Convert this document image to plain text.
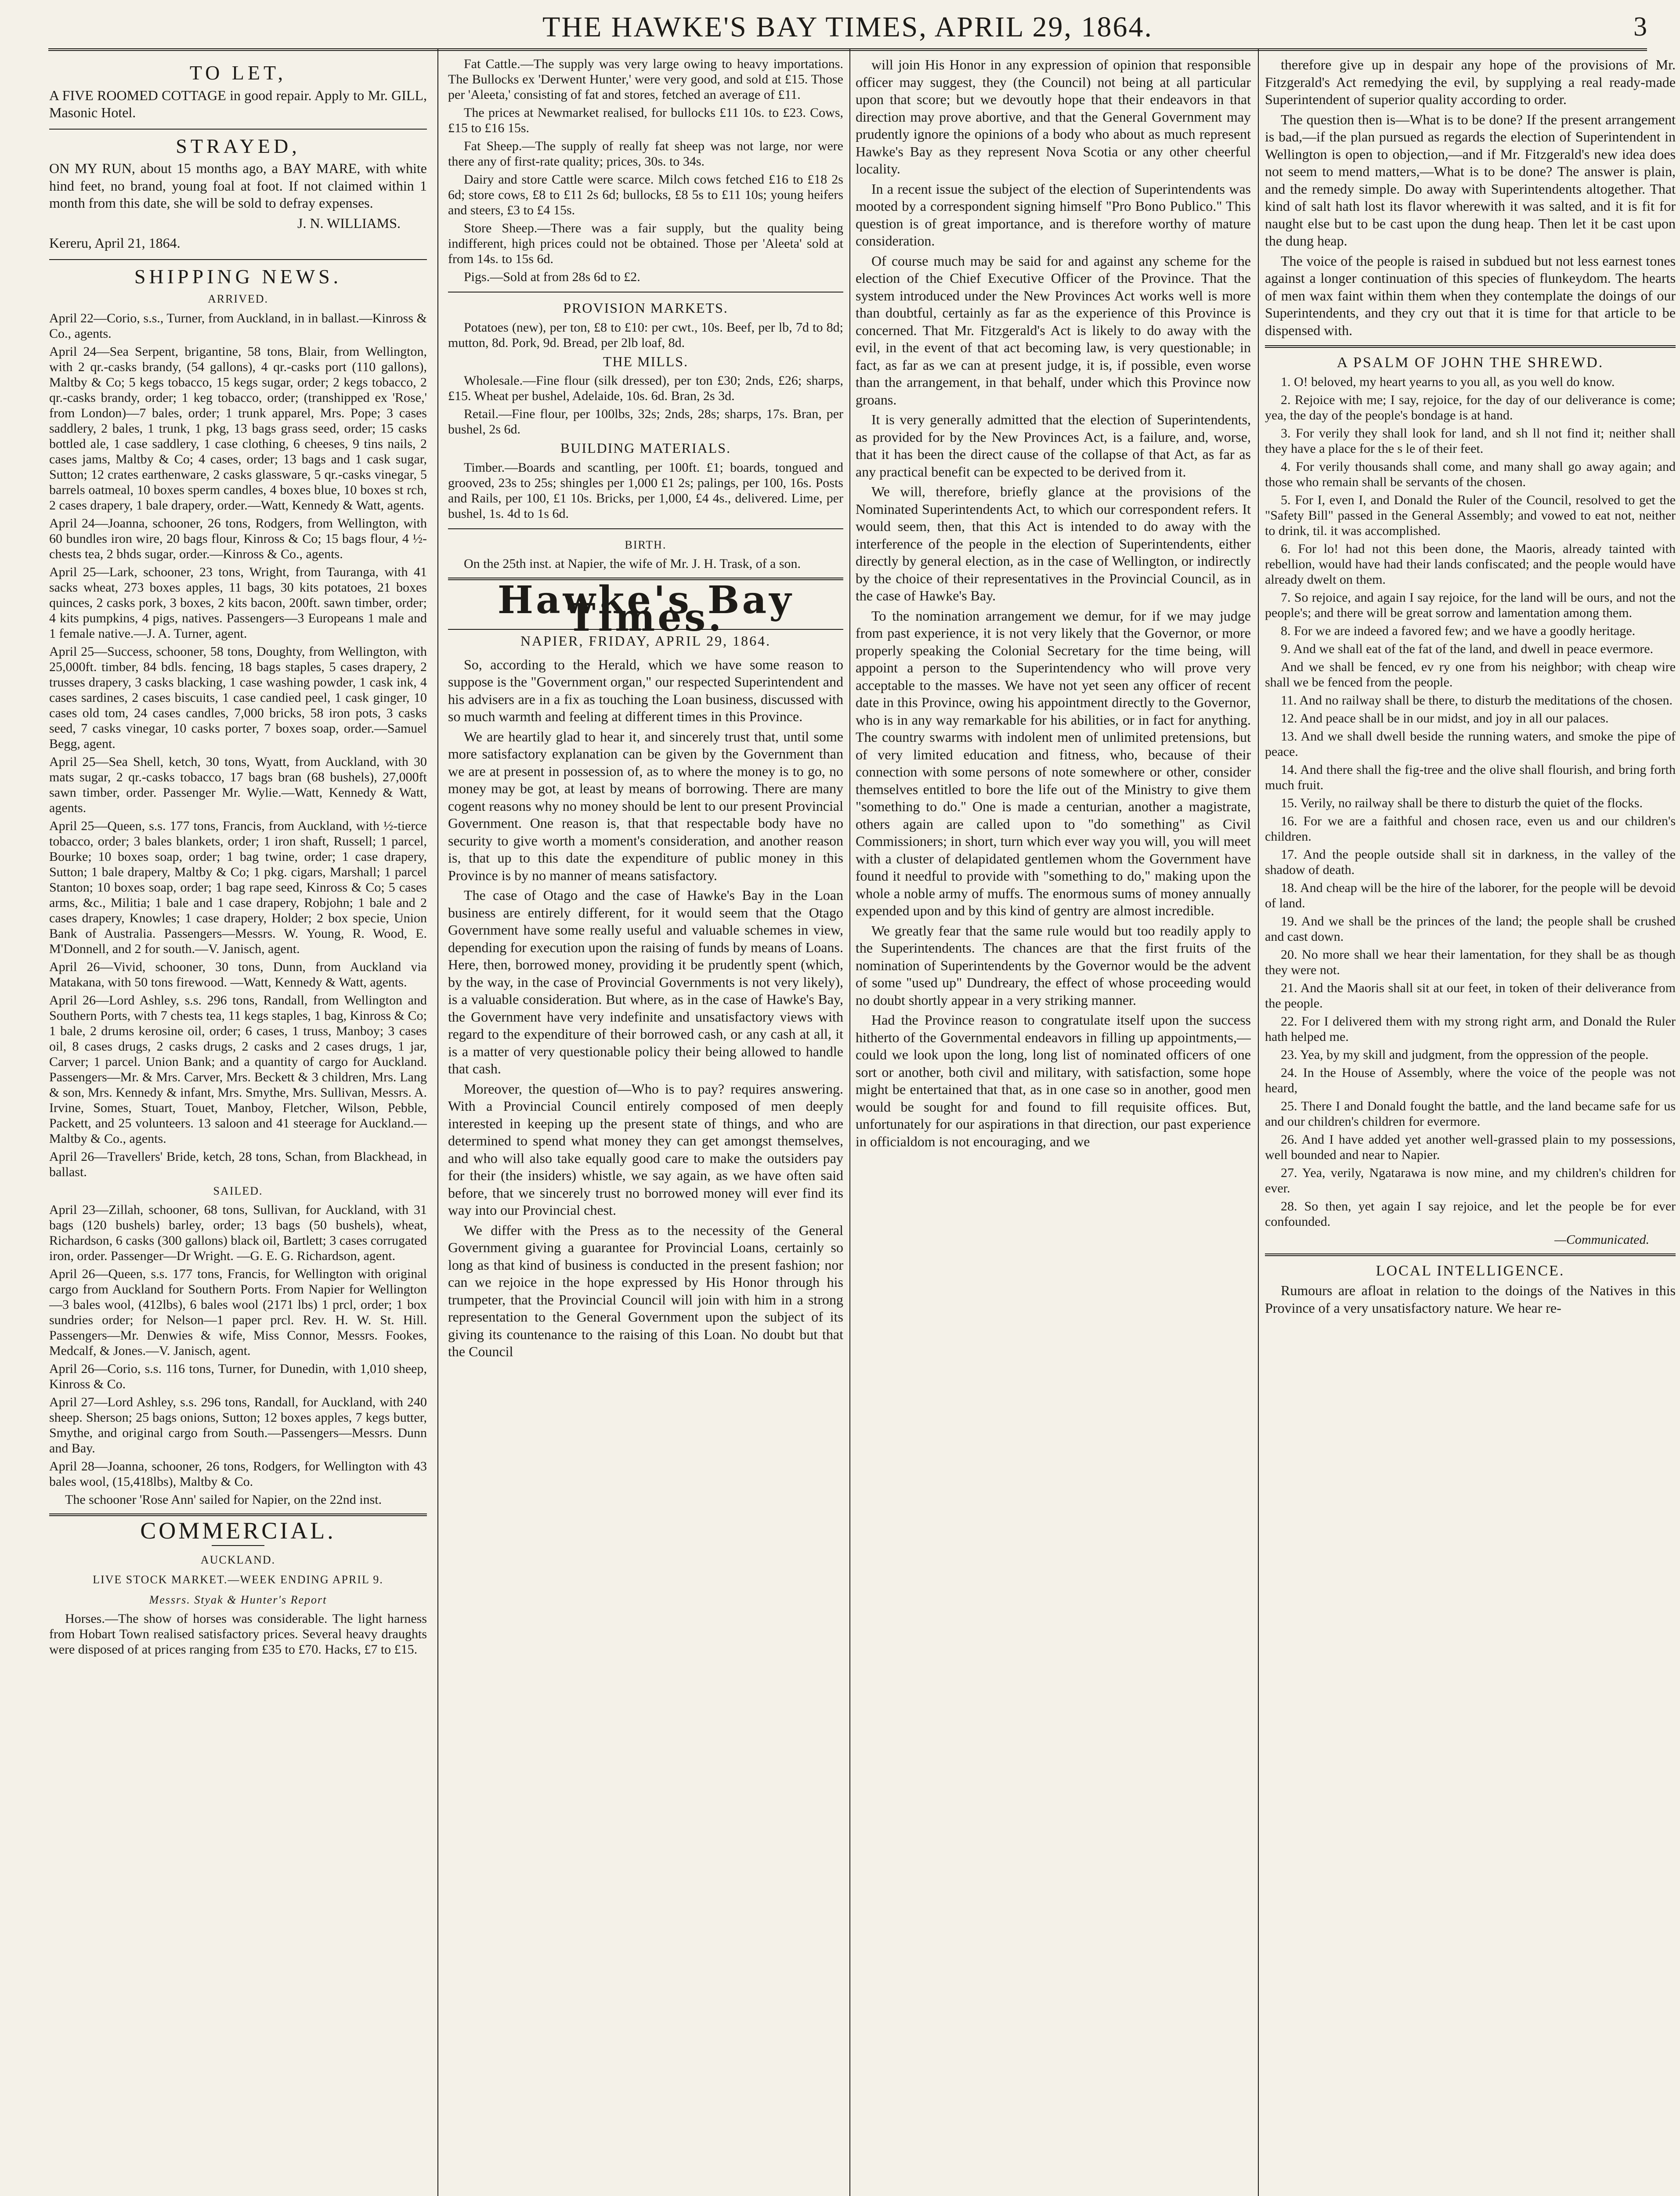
THE HAWKE'S BAY TIMES, APRIL 29, 1864.	3
TO LET,

A FIVE ROOMED COTTAGE in good repair. Apply to Mr. GILL, Masonic Hotel.

STRAYED,

ON MY RUN, about 15 months ago, a BAY MARE, with white hind feet, no brand, young foal at foot. If not claimed within 1 month from this date, she will be sold to defray expenses.

J. N. WILLIAMS.

Kereru, April 21, 1864.

SHIPPING NEWS.
ARRIVED.

April 22—Corio, s.s., Turner, from Auckland, in in ballast.—Kinross & Co., agents.

April 24—Sea Serpent, brigantine, 58 tons, Blair, from Wellington, with 2 qr.-casks brandy, (54 gallons), 4 qr.-casks port (110 gallons), Maltby & Co; 5 kegs tobacco, 15 kegs sugar, order; 2 kegs tobacco, 2 qr.-casks brandy, order; 1 keg tobacco, order; (transhipped ex 'Rose,' from London)—7 bales, order; 1 trunk apparel, Mrs. Pope; 3 cases saddlery, 2 bales, 1 trunk, 1 pkg, 13 bags grass seed, order; 15 casks bottled ale, 1 case saddlery, 1 case clothing, 6 cheeses, 9 tins nails, 2 cases jams, Maltby & Co; 4 cases, order; 13 bags and 1 cask sugar, Sutton; 12 crates earthenware, 2 casks glassware, 5 qr.-casks vinegar, 5 barrels oatmeal, 10 boxes sperm candles, 4 boxes blue, 10 boxes st rch, 2 cases drapery, 1 bale drapery, order.—Watt, Kennedy & Watt, agents.

April 24—Joanna, schooner, 26 tons, Rodgers, from Wellington, with 60 bundles iron wire, 20 bags flour, Kinross & Co; 15 bags flour, 4 ½-chests tea, 2 bhds sugar, order.—Kinross & Co., agents.

April 25—Lark, schooner, 23 tons, Wright, from Tauranga, with 41 sacks wheat, 273 boxes apples, 11 bags, 30 kits potatoes, 21 boxes quinces, 2 casks pork, 3 boxes, 2 kits bacon, 200ft. sawn timber, order; 4 kits pumpkins, 4 pigs, natives. Passengers—3 Europeans 1 male and 1 female native.—J. A. Turner, agent.

April 25—Success, schooner, 58 tons, Doughty, from Wellington, with 25,000ft. timber, 84 bdls. fencing, 18 bags staples, 5 cases drapery, 2 trusses drapery, 3 casks blacking, 1 case washing powder, 1 cask ink, 4 cases sardines, 2 cases biscuits, 1 case candied peel, 1 cask ginger, 10 cases old tom, 24 cases candles, 7,000 bricks, 58 iron pots, 3 casks seed, 7 casks vinegar, 10 casks porter, 7 boxes soap, order.—Samuel Begg, agent.

April 25—Sea Shell, ketch, 30 tons, Wyatt, from Auckland, with 30 mats sugar, 2 qr.-casks tobacco, 17 bags bran (68 bushels), 27,000ft sawn timber, order. Passenger Mr. Wylie.—Watt, Kennedy & Watt, agents.

April 25—Queen, s.s. 177 tons, Francis, from Auckland, with ½-tierce tobacco, order; 3 bales blankets, order; 1 iron shaft, Russell; 1 parcel, Bourke; 10 boxes soap, order; 1 bag twine, order; 1 case drapery, Sutton; 1 bale drapery, Maltby & Co; 1 pkg. cigars, Marshall; 1 parcel Stanton; 10 boxes soap, order; 1 bag rape seed, Kinross & Co; 5 cases arms, &c., Militia; 1 bale and 1 case drapery, Robjohn; 1 bale and 2 cases drapery, Knowles; 1 case drapery, Holder; 2 box specie, Union Bank of Australia. Passengers—Messrs. W. Young, R. Wood, E. M'Donnell, and 2 for south.—V. Janisch, agent.

April 26—Vivid, schooner, 30 tons, Dunn, from Auckland via Matakana, with 50 tons firewood. —Watt, Kennedy & Watt, agents.

April 26—Lord Ashley, s.s. 296 tons, Randall, from Wellington and Southern Ports, with 7 chests tea, 11 kegs staples, 1 bag, Kinross & Co; 1 bale, 2 drums kerosine oil, order; 6 cases, 1 truss, Manboy; 3 cases oil, 8 cases drugs, 2 casks drugs, 2 casks and 2 cases drugs, 1 jar, Carver; 1 parcel. Union Bank; and a quantity of cargo for Auckland. Passengers—Mr. & Mrs. Carver, Mrs. Beckett & 3 children, Mrs. Lang & son, Mrs. Kennedy & infant, Mrs. Smythe, Mrs. Sullivan, Messrs. A. Irvine, Somes, Stuart, Touet, Manboy, Fletcher, Wilson, Pebble, Packett, and 25 volunteers. 13 saloon and 41 steerage for Auckland.—Maltby & Co., agents.

April 26—Travellers' Bride, ketch, 28 tons, Schan, from Blackhead, in ballast.

SAILED.

April 23—Zillah, schooner, 68 tons, Sullivan, for Auckland, with 31 bags (120 bushels) barley, order; 13 bags (50 bushels), wheat, Richardson, 6 casks (300 gallons) black oil, Bartlett; 3 cases corrugated iron, order. Passenger—Dr Wright. —G. E. G. Richardson, agent.

April 26—Queen, s.s. 177 tons, Francis, for Wellington with original cargo from Auckland for Southern Ports. From Napier for Wellington —3 bales wool, (412lbs), 6 bales wool (2171 lbs) 1 prcl, order; 1 box sundries order; for Nelson—1 paper prcl. Rev. H. W. St. Hill. Passengers—Mr. Denwies & wife, Miss Connor, Messrs. Fookes, Medcalf, & Jones.—V. Janisch, agent.

April 26—Corio, s.s. 116 tons, Turner, for Dunedin, with 1,010 sheep, Kinross & Co.

April 27—Lord Ashley, s.s. 296 tons, Randall, for Auckland, with 240 sheep. Sherson; 25 bags onions, Sutton; 12 boxes apples, 7 kegs butter, Smythe, and original cargo from South.—Passengers—Messrs. Dunn and Bay.

April 28—Joanna, schooner, 26 tons, Rodgers, for Wellington with 43 bales wool, (15,418lbs), Maltby & Co.

The schooner 'Rose Ann' sailed for Napier, on the 22nd inst.

COMMERCIAL.
AUCKLAND.
LIVE STOCK MARKET.—WEEK ENDING APRIL 9.
Messrs. Styak & Hunter's Report

Horses.—The show of horses was considerable. The light harness from Hobart Town realised satisfactory prices. Several heavy draughts were disposed of at prices ranging from £35 to £70. Hacks, £7 to £15.

Fat Cattle.—The supply was very large owing to heavy importations. The Bullocks ex 'Derwent Hunter,' were very good, and sold at £15. Those per 'Aleeta,' consisting of fat and stores, fetched an average of £11.

The prices at Newmarket realised, for bullocks £11 10s. to £23. Cows, £15 to £16 15s.

Fat Sheep.—The supply of really fat sheep was not large, nor were there any of first-rate quality; prices, 30s. to 34s.

Dairy and store Cattle were scarce. Milch cows fetched £16 to £18 2s 6d; store cows, £8 to £11 2s 6d; bullocks, £8 5s to £11 10s; young heifers and steers, £3 to £4 15s.

Store Sheep.—There was a fair supply, but the quality being indifferent, high prices could not be obtained. Those per 'Aleeta' sold at from 14s. to 15s 6d.

Pigs.—Sold at from 28s 6d to £2.

PROVISION MARKETS.

Potatoes (new), per ton, £8 to £10: per cwt., 10s. Beef, per lb, 7d to 8d; mutton, 8d. Pork, 9d. Bread, per 2lb loaf, 8d.

THE MILLS.

Wholesale.—Fine flour (silk dressed), per ton £30; 2nds, £26; sharps, £15. Wheat per bushel, Adelaide, 10s. 6d. Bran, 2s 3d.

Retail.—Fine flour, per 100lbs, 32s; 2nds, 28s; sharps, 17s. Bran, per bushel, 2s 6d.

BUILDING MATERIALS.

Timber.—Boards and scantling, per 100ft. £1; boards, tongued and grooved, 23s to 25s; shingles per 1,000 £1 2s; palings, per 100, 16s. Posts and Rails, per 100, £1 10s. Bricks, per 1,000, £4 4s., delivered. Lime, per bushel, 1s. 4d to 1s 6d.

BIRTH.

On the 25th inst. at Napier, the wife of Mr. J. H. Trask, of a son.

Hawke's Bay Times.
NAPIER, FRIDAY, APRIL 29, 1864.

So, according to the Herald, which we have some reason to suppose is the "Government organ," our respected Superintendent and his advisers are in a fix as touching the Loan business, discussed with so much warmth and feeling at different times in this Province.

We are heartily glad to hear it, and sincerely trust that, until some more satisfactory explanation can be given by the Government than we are at present in possession of, as to where the money is to go, no money may be got, at least by means of borrowing. There are many cogent reasons why no money should be lent to our present Provincial Government. One reason is, that that respectable body have no security to give worth a moment's consideration, and another reason is, that up to this date the expenditure of public money in this Province is by no manner of means satisfactory.

The case of Otago and the case of Hawke's Bay in the Loan business are entirely different, for it would seem that the Otago Government have some really useful and valuable schemes in view, depending for execution upon the raising of funds by means of Loans. Here, then, borrowed money, providing it be prudently spent (which, by the way, in the case of Provincial Governments is not very likely), is a valuable consideration. But where, as in the case of Hawke's Bay, the Government have very indefinite and unsatisfactory views with regard to the expenditure of their borrowed cash, or any cash at all, it is a matter of very questionable policy their being allowed to handle that cash.

Moreover, the question of—Who is to pay? requires answering. With a Provincial Council entirely composed of men deeply interested in keeping up the present state of things, and who are determined to spend what money they can get amongst themselves, and who will also take equally good care to make the outsiders pay for their (the insiders) whistle, we say again, as we have often said before, that we sincerely trust no borrowed money will ever find its way into our Provincial chest.

We differ with the Press as to the necessity of the General Government giving a guarantee for Provincial Loans, certainly so long as that kind of business is conducted in the present fashion; nor can we rejoice in the hope expressed by His Honor through his trumpeter, that the Provincial Council will join with him in a strong representation to the General Government upon the subject of its giving its countenance to the raising of this Loan. No doubt but that the Council

will join His Honor in any expression of opinion that responsible officer may suggest, they (the Council) not being at all particular upon that score; but we devoutly hope that their endeavors in that direction may prove abortive, and that the General Government may prudently ignore the opinions of a body who about as much represent Hawke's Bay as they represent Nova Scotia or any other cheerful locality.

In a recent issue the subject of the election of Superintendents was mooted by a correspondent signing himself "Pro Bono Publico." This question is of great importance, and is therefore worthy of mature consideration.

Of course much may be said for and against any scheme for the election of the Chief Executive Officer of the Province. That the system introduced under the New Provinces Act works well is more than doubtful, certainly as far as the experience of this Province is concerned. That Mr. Fitzgerald's Act is likely to do away with the evil, in the event of that act becoming law, is very questionable; in fact, as far as we can at present judge, it is, if possible, even worse than the arrangement, in that behalf, under which this Province now groans.

It is very generally admitted that the election of Superintendents, as provided for by the New Provinces Act, is a failure, and, worse, that it has been the direct cause of the collapse of that Act, as far as any practical benefit can be expected to be derived from it.

We will, therefore, briefly glance at the provisions of the Nominated Superintendents Act, to which our correspondent refers. It would seem, then, that this Act is intended to do away with the interference of the people in the election of Superintendents, either directly by general election, as in the case of Wellington, or indirectly by the choice of their representatives in the Provincial Council, as in the case of Hawke's Bay.

To the nomination arrangement we demur, for if we may judge from past experience, it is not very likely that the Governor, or more properly speaking the Colonial Secretary for the time being, will appoint a person to the Superintendency who will prove very acceptable to the masses. We have not yet seen any officer of recent date in this Province, owing his appointment directly to the Governor, who is in any way remarkable for his abilities, or in fact for anything. The country swarms with indolent men of unlimited pretensions, but of very limited education and fitness, who, because of their connection with some persons of note somewhere or other, consider themselves entitled to bore the life out of the Ministry to give them "something to do." One is made a centurian, another a magistrate, others again are called upon to "do something" as Civil Commissioners; in short, turn which ever way you will, you will meet with a cluster of delapidated gentlemen whom the Government have found it needful to provide with "something to do," making upon the whole a noble army of muffs. The enormous sums of money annually expended upon and by this kind of gentry are almost incredible.

We greatly fear that the same rule would but too readily apply to the Superintendents. The chances are that the first fruits of the nomination of Superintendents by the Governor would be the advent of some "used up" Dundreary, the effect of whose proceeding would no doubt shortly appear in a very striking manner.

Had the Province reason to congratulate itself upon the success hitherto of the Governmental endeavors in filling up appointments,—could we look upon the long, long list of nominated officers of one sort or another, both civil and military, with satisfaction, some hope might be entertained that that, as in one case so in another, good men would be sought for and found to fill requisite offices. But, unfortunately for our aspirations in that direction, our past experience in officialdom is not encouraging, and we

therefore give up in despair any hope of the provisions of Mr. Fitzgerald's Act remedying the evil, by supplying a real ready-made Superintendent of superior quality according to order.

The question then is—What is to be done? If the present arrangement is bad,—if the plan pursued as regards the election of Superintendent in Wellington is open to objection,—and if Mr. Fitzgerald's new idea does not seem to mend matters,—What is to be done? The answer is plain, and the remedy simple. Do away with Superintendents altogether. That kind of salt hath lost its flavor wherewith it was salted, and it is fit for naught else but to be cast upon the dung heap. Then let it be cast upon the dung heap.

The voice of the people is raised in subdued but not less earnest tones against a longer continuation of this species of flunkeydom. The hearts of men wax faint within them when they contemplate the doings of our Superintendents, and they cry out that it is time for that article to be dispensed with.

A PSALM OF JOHN THE SHREWD.

1. O! beloved, my heart yearns to you all, as you well do know.

2. Rejoice with me; I say, rejoice, for the day of our deliverance is come; yea, the day of the people's bondage is at hand.

3. For verily they shall look for land, and sh ll not find it; neither shall they have a place for the s le of their feet.

4. For verily thousands shall come, and many shall go away again; and those who remain shall be servants of the chosen.

5. For I, even I, and Donald the Ruler of the Council, resolved to get the "Safety Bill" passed in the General Assembly; and vowed to eat not, neither to drink, til. it was accomplished.

6. For lo! had not this been done, the Maoris, already tainted with rebellion, would have had their lands confiscated; and the people would have already dwelt on them.

7. So rejoice, and again I say rejoice, for the land will be ours, and not the people's; and there will be great sorrow and lamentation among them.

8. For we are indeed a favored few; and we have a goodly heritage.

9. And we shall eat of the fat of the land, and dwell in peace evermore.

And we shall be fenced, ev ry one from his neighbor; with cheap wire shall we be fenced from the people.

11. And no railway shall be there, to disturb the meditations of the chosen.

12. And peace shall be in our midst, and joy in all our palaces.

13. And we shall dwell beside the running waters, and smoke the pipe of peace.

14. And there shall the fig-tree and the olive shall flourish, and bring forth much fruit.

15. Verily, no railway shall be there to disturb the quiet of the flocks.

16. For we are a faithful and chosen race, even us and our children's children.

17. And the people outside shall sit in darkness, in the valley of the shadow of death.

18. And cheap will be the hire of the laborer, for the people will be devoid of land.

19. And we shall be the princes of the land; the people shall be crushed and cast down.

20. No more shall we hear their lamentation, for they shall be as though they were not.

21. And the Maoris shall sit at our feet, in token of their deliverance from the people.

22. For I delivered them with my strong right arm, and Donald the Ruler hath helped me.

23. Yea, by my skill and judgment, from the oppression of the people.

24. In the House of Assembly, where the voice of the people was not heard,

25. There I and Donald fought the battle, and the land became safe for us and our children's children for evermore.

26. And I have added yet another well-grassed plain to my possessions, well bounded and near to Napier.

27. Yea, verily, Ngatarawa is now mine, and my children's children for ever.

28. So then, yet again I say rejoice, and let the people be for ever confounded.

—Communicated.

LOCAL INTELLIGENCE.

Rumours are afloat in relation to the doings of the Natives in this Province of a very unsatisfactory nature. We hear re-
